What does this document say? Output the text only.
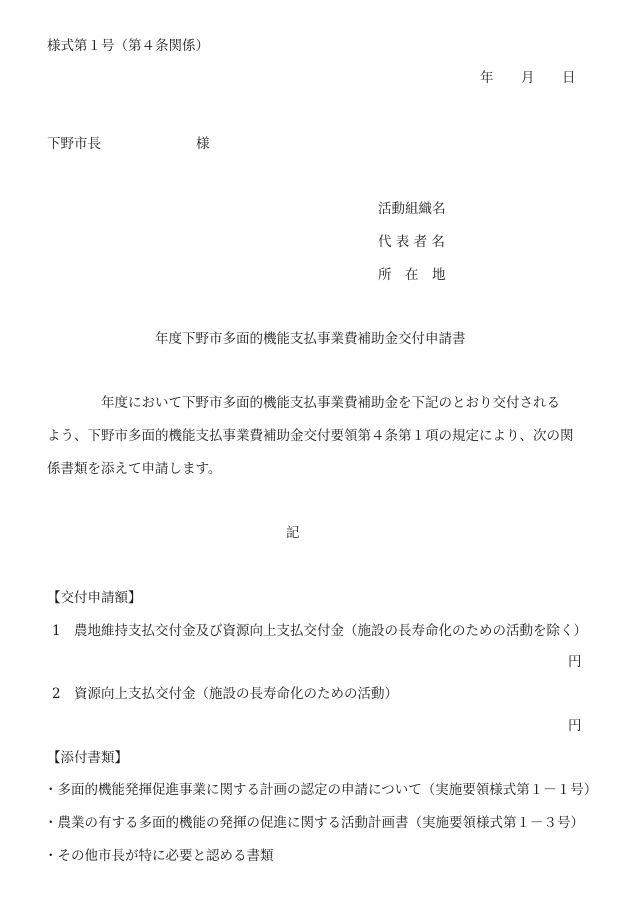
様式第１号（第４条関係）
年 月 日
下野市長	様
活動組織名
代 表 者 名
所　在　地
年度下野市多面的機能支払事業費補助金交付申請書
年度において下野市多面的機能支払事業費補助金を下記のとおり交付される
よう、下野市多面的機能支払事業費補助金交付要領第４条第１項の規定により、次の関
係書類を添えて申請します。
記
【交付申請額】
1 農地維持支払交付金及び資源向上支払交付金（施設の長寿命化のための活動を除く）
円
2 資源向上支払交付金（施設の長寿命化のための活動）
円
【添付書類】
・多面的機能発揮促進事業に関する計画の認定の申請について（実施要領様式第１－１号）
・農業の有する多面的機能の発揮の促進に関する活動計画書（実施要領様式第１－３号）
・その他市長が特に必要と認める書類
